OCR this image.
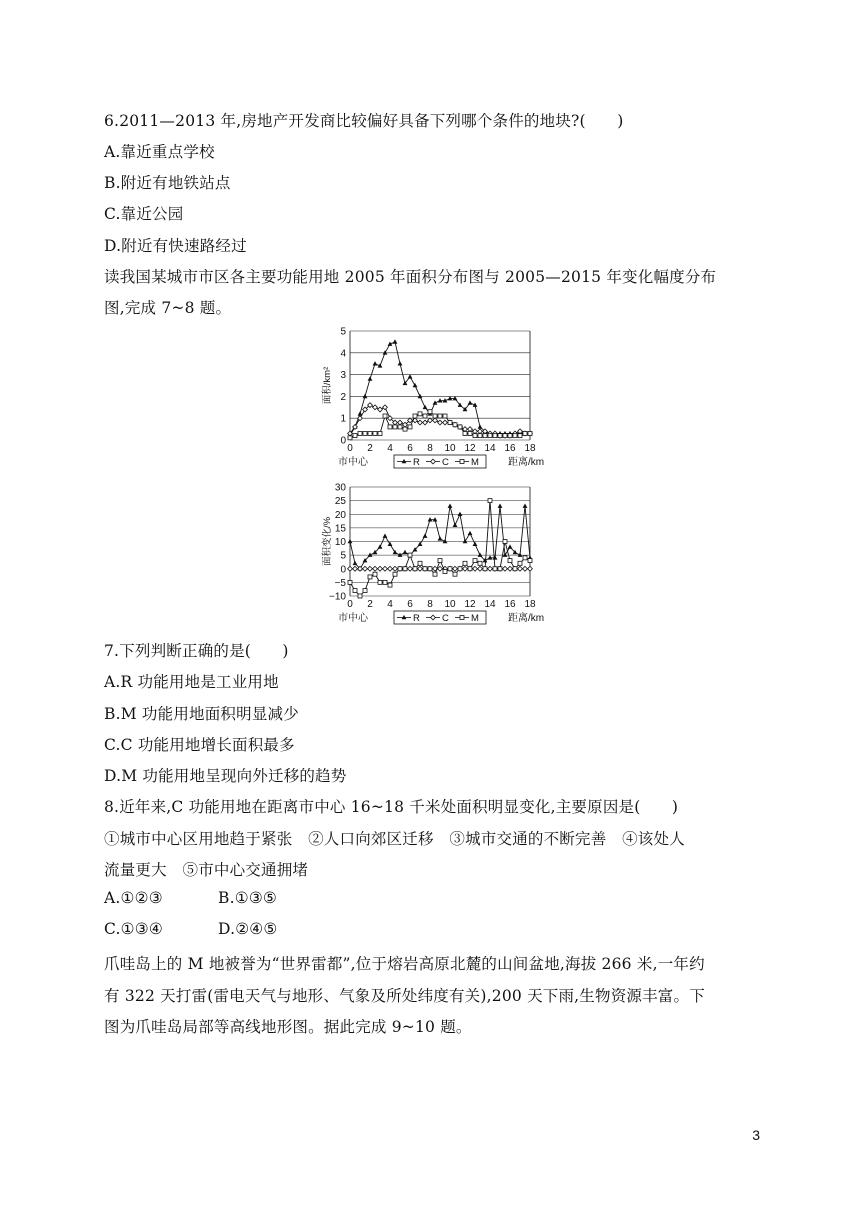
6.2011—2013 年,房地产开发商比较偏好具备下列哪个条件的地块?(　　)
A.靠近重点学校
B.附近有地铁站点
C.靠近公园
D.附近有快速路经过
读我国某城市市区各主要功能用地 2005 年面积分布图与 2005—2015 年变化幅度分布
图,完成 7~8 题。
0
1
2
3
4
5
0 2 4 6 8 10 12 14 16 18
面积/km²
市中心	距离/km
R C M
−10
−5
0
5
10
15
20
25
30
0 2 4 6 8 10 12 14 16 18
面积变化/%
市中心	距离/km
R C M
7.下列判断正确的是(　　)
A.R 功能用地是工业用地
B.M 功能用地面积明显减少
C.C 功能用地增长面积最多
D.M 功能用地呈现向外迁移的趋势
8.近年来,C 功能用地在距离市中心 16~18 千米处面积明显变化,主要原因是(　　)
①城市中心区用地趋于紧张　②人口向郊区迁移　③城市交通的不断完善　④该处人
流量更大　⑤市中心交通拥堵
A.①②③	B.①③⑤
C.①③④	D.②④⑤
爪哇岛上的 M 地被誉为“世界雷都”,位于熔岩高原北麓的山间盆地,海拔 266 米,一年约
有 322 天打雷(雷电天气与地形、气象及所处纬度有关),200 天下雨,生物资源丰富。下
图为爪哇岛局部等高线地形图。据此完成 9~10 题。
3
